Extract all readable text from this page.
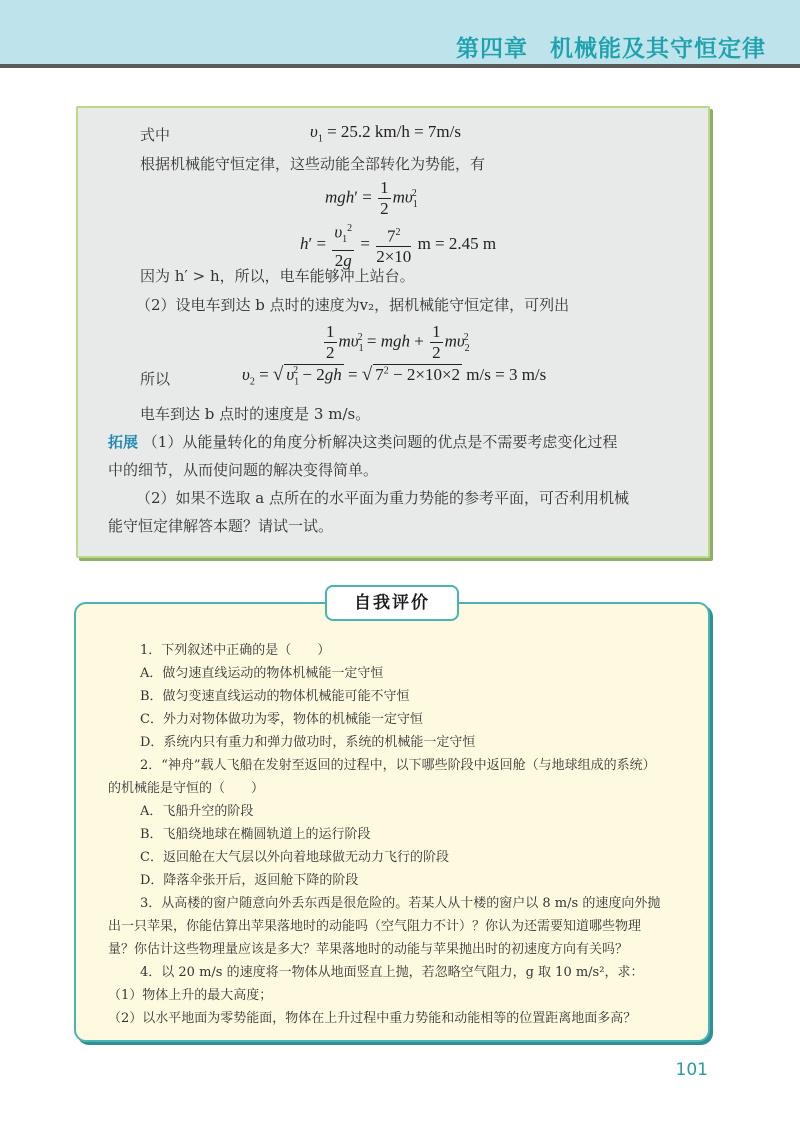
第四章 机械能及其守恒定律
式中	$\upsilon_1 = 25.2$ km/h = 7m/s
根据机械能守恒定律，这些动能全部转化为势能，有
$mgh' = \frac{1}{2} m\upsilon_1^2$
$h' = \frac{\upsilon_1^2}{2g} = \frac{7^2}{2\times 10}$ m = 2.45 m
因为 h′ > h，所以，电车能够冲上站台。
（2）设电车到达 b 点时的速度为v₂，据机械能守恒定律，可列出
$\frac{1}{2} m\upsilon_1^2$ = mgh + $\frac{1}{2} m\upsilon_2^2$
所以	$\upsilon_2$ = √ $\upsilon_1^2 - 2gh$ = √ $7^2 - 2\times 10\times 2$ m/s = 3 m/s
电车到达 b 点时的速度是 3 m/s。
拓展 （1）从能量转化的角度分析解决这类问题的优点是不需要考虑变化过程
中的细节，从而使问题的解决变得简单。
（2）如果不选取 a 点所在的水平面为重力势能的参考平面，可否利用机械
能守恒定律解答本题？请试一试。
自我评价
1．下列叙述中正确的是（　　）
A．做匀速直线运动的物体机械能一定守恒
B．做匀变速直线运动的物体机械能可能不守恒
C．外力对物体做功为零，物体的机械能一定守恒
D．系统内只有重力和弹力做功时，系统的机械能一定守恒
2．“神舟”载人飞船在发射至返回的过程中，以下哪些阶段中返回舱（与地球组成的系统）
的机械能是守恒的（　　）
A．飞船升空的阶段
B．飞船绕地球在椭圆轨道上的运行阶段
C．返回舱在大气层以外向着地球做无动力飞行的阶段
D．降落伞张开后，返回舱下降的阶段
3．从高楼的窗户随意向外丢东西是很危险的。若某人从十楼的窗户以 8 m/s 的速度向外抛
出一只苹果，你能估算出苹果落地时的动能吗（空气阻力不计）？你认为还需要知道哪些物理
量？你估计这些物理量应该是多大？苹果落地时的动能与苹果抛出时的初速度方向有关吗？
4．以 20 m/s 的速度将一物体从地面竖直上抛，若忽略空气阻力，g 取 10 m/s²，求：
（1）物体上升的最大高度；
（2）以水平地面为零势能面，物体在上升过程中重力势能和动能相等的位置距离地面多高？
101
